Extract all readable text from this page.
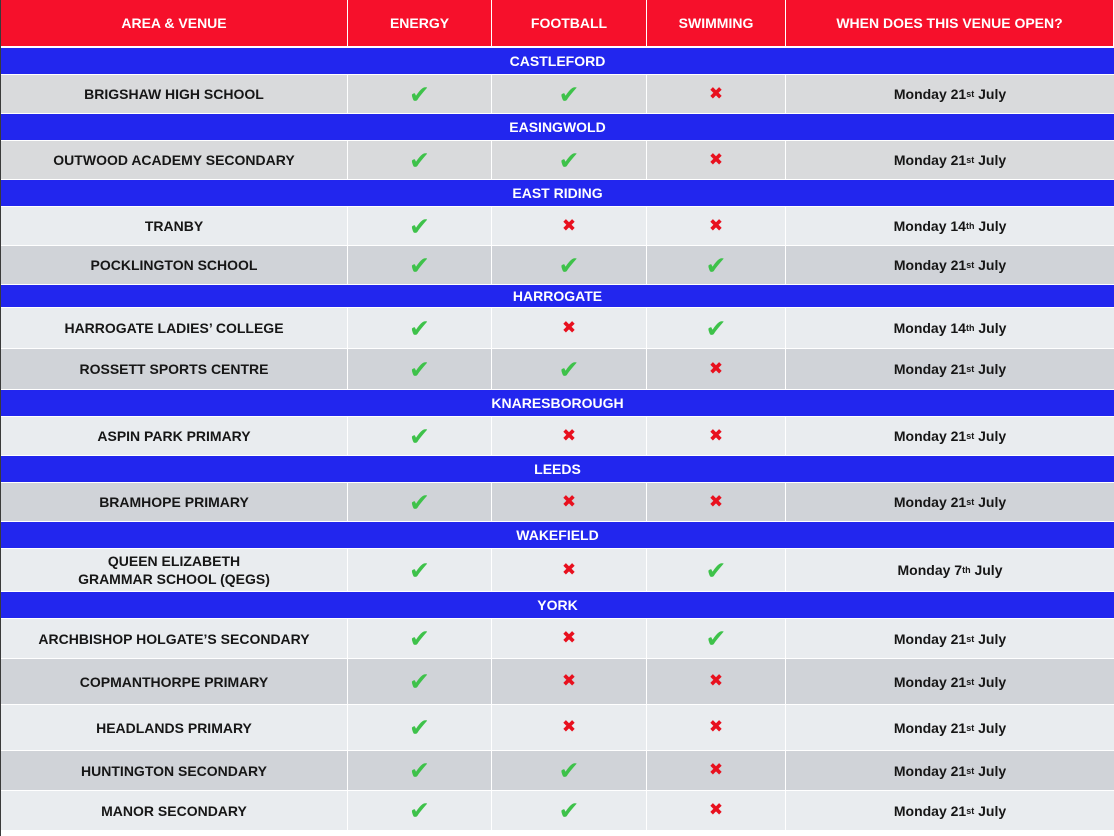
AREA & VENUE	ENERGY	FOOTBALL	SWIMMING	WHEN DOES THIS VENUE OPEN?
CASTLEFORD
BRIGSHAW HIGH SCHOOL	✔	✔	✖	Monday 21 st July
EASINGWOLD
OUTWOOD ACADEMY SECONDARY	✔	✔	✖	Monday 21 st July
EAST RIDING
TRANBY	✔	✖	✖	Monday 14 th July
POCKLINGTON SCHOOL	✔	✔	✔	Monday 21 st July
HARROGATE
HARROGATE LADIES’ COLLEGE	✔	✖	✔	Monday 14 th July
ROSSETT SPORTS CENTRE	✔	✔	✖	Monday 21 st July
KNARESBOROUGH
ASPIN PARK PRIMARY	✔	✖	✖	Monday 21 st July
LEEDS
BRAMHOPE PRIMARY	✔	✖	✖	Monday 21 st July
WAKEFIELD
QUEEN ELIZABETH
GRAMMAR SCHOOL (QEGS)	✔	✖	✔	Monday 7 th July
YORK
ARCHBISHOP HOLGATE’S SECONDARY	✔	✖	✔	Monday 21 st July
COPMANTHORPE PRIMARY	✔	✖	✖	Monday 21 st July
HEADLANDS PRIMARY	✔	✖	✖	Monday 21 st July
HUNTINGTON SECONDARY	✔	✔	✖	Monday 21 st July
MANOR SECONDARY	✔	✔	✖	Monday 21 st July
